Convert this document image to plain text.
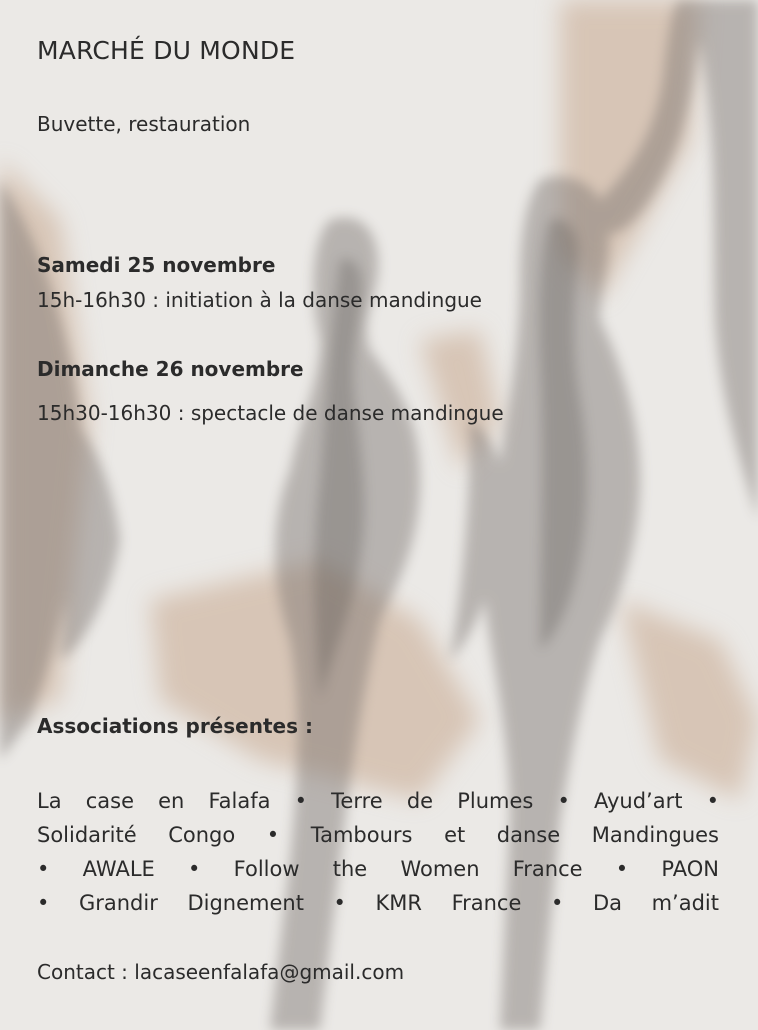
MARCHÉ DU MONDE
Buvette, restauration
Samedi 25 novembre
15h-16h30 : initiation à la danse mandingue
Dimanche 26 novembre
15h30-16h30 : spectacle de danse mandingue
Associations présentes :
La case en Falafa • Terre de Plumes • Ayud’art •
Solidarité Congo • Tambours et danse Mandingues
• AWALE • Follow the Women France • PAON
• Grandir Dignement • KMR France • Da m’adit
Contact : lacaseenfalafa@gmail.com
